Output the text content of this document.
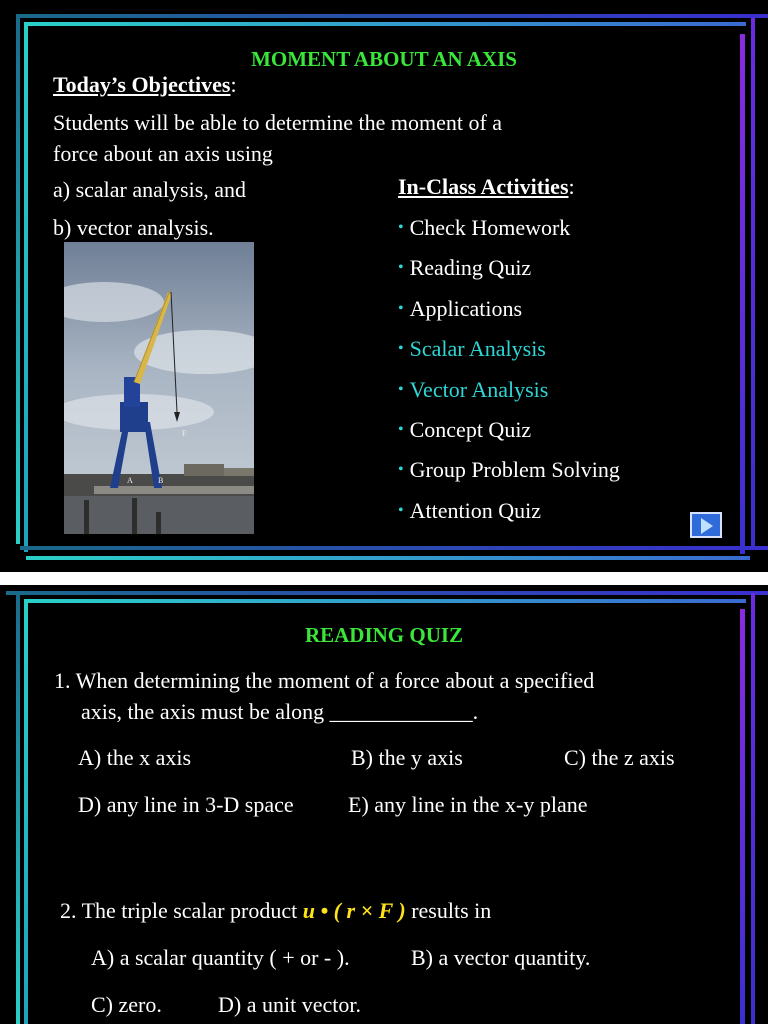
MOMENT ABOUT AN AXIS
Today’s Objectives:
Students will be able to determine the moment of a
force about an axis using
a) scalar analysis, and
b) vector analysis.
F
A	B
In-Class Activities:
• Check Homework
• Reading Quiz
• Applications
• Scalar Analysis
• Vector Analysis
• Concept Quiz
• Group Problem Solving
• Attention Quiz
READING QUIZ
1. When determining the moment of a force about a specified
axis, the axis must be along _____________.
A) the x axis	B) the y axis	C) the z axis
D) any line in 3-D space E) any line in the x-y plane
2. The triple scalar product u • ( r × F ) results in
A) a scalar quantity ( + or - ).	B) a vector quantity.
C) zero.	D) a unit vector.
